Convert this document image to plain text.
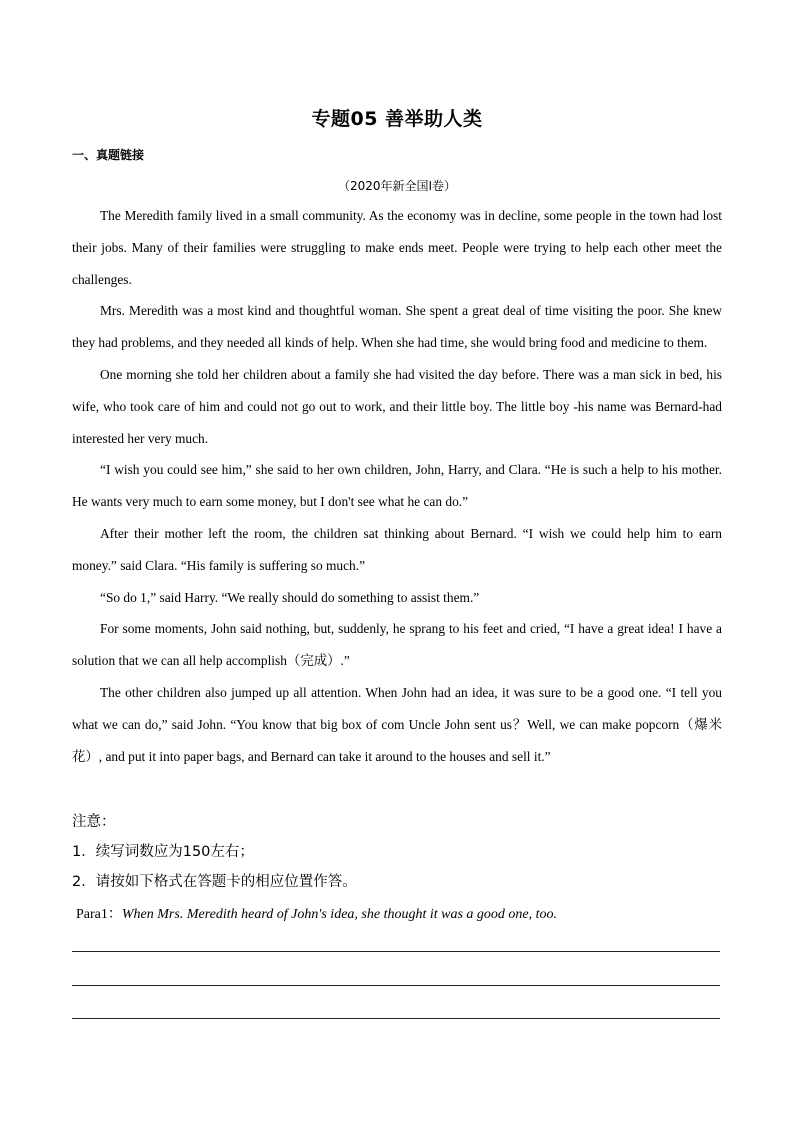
专题05 善举助人类
一、真题链接
（2020年新全国I卷）

The Meredith family lived in a small community. As the economy was in decline, some people in the town had lost their jobs. Many of their families were struggling to make ends meet. People were trying to help each other meet the challenges.

Mrs. Meredith was a most kind and thoughtful woman. She spent a great deal of time visiting the poor. She knew they had problems, and they needed all kinds of help. When she had time, she would bring food and medicine to them.

One morning she told her children about a family she had visited the day before. There was a man sick in bed, his wife, who took care of him and could not go out to work, and their little boy. The little boy -his name was Bernard-had interested her very much.

“I wish you could see him,” she said to her own children, John, Harry, and Clara. “He is such a help to his mother. He wants very much to earn some money, but I don't see what he can do.”

After their mother left the room, the children sat thinking about Bernard. “I wish we could help him to earn money.” said Clara. “His family is suffering so much.”

“So do 1,” said Harry. “We really should do something to assist them.”

For some moments, John said nothing, but, suddenly, he sprang to his feet and cried, “I have a great idea! I have a solution that we can all help accomplish（完成）.”

The other children also jumped up all attention. When John had an idea, it was sure to be a good one. “I tell you what we can do,” said John. “You know that big box of com Uncle John sent us？Well, we can make popcorn（爆米花）, and put it into paper bags, and Bernard can take it around to the houses and sell it.”

注意：
1．续写词数应为150左右；
2．请按如下格式在答题卡的相应位置作答。
Para1：When Mrs. Meredith heard of John's idea, she thought it was a good one, too.
